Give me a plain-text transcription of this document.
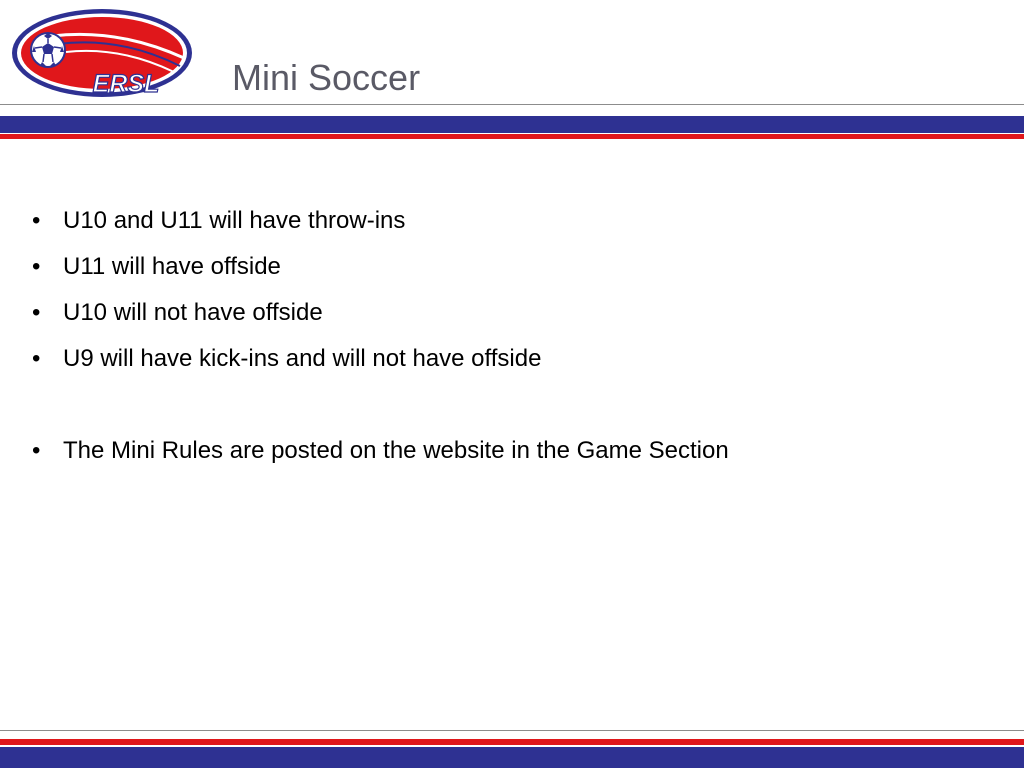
ERSL Mini Soccer
• U10 and U11 will have throw-ins
• U11 will have offside
• U10 will not have offside
• U9 will have kick-ins and will not have offside
• The Mini Rules are posted on the website in the Game Section
